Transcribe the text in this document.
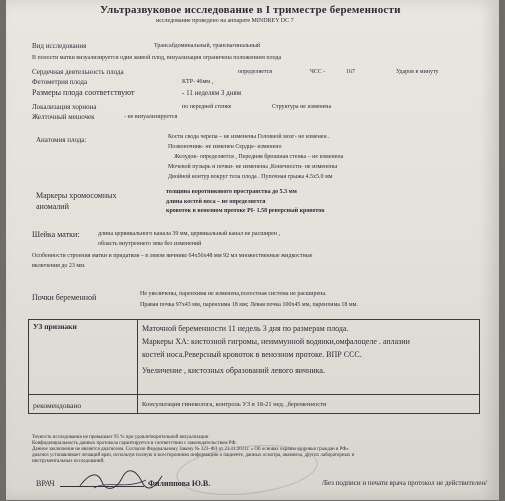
Ультразвуковое исследование в I триместре беременности
исследование проведено на аппарате MINDREY DC 7
Вид исследования	Трансабдоминальный, трансвагинальный
В полости матки визуализируется один живой плод, визуализация ограничена положением плода
Сердечная деятельность плода	определяется	ЧСС -	167	Ударов в минуту
Фетометрия плода	КТР- 46мм ,
Размеры плода соответствуют	- 11 неделям 3 дням
Локализация хориона	по передней стенке	Структура не изменена
Желточный мешочек	- не визуализируется
Анатомия плода:	Кости свода черепа – не изменены Головной мозг- не изменен .
Позвоночник- не изменен Сердце- изменено
Желудок- определяется , Передняя брюшная стенка – не изменена
Мочевой пузырь и почки- не изменены ,Конечности- не изменены
Двойной контур вокруг тела плода . Пупочная грыжа 4.5х5.0 мм
Маркеры хромосомных
аномалий
толщина воротникового пространства до 5.3 мм
длина костей носа – не определяется
кровоток в венозном протоке PI- 1.58 реверсный кровоток
Шейка матки:	длина цервикального канала 39 мм, цервикальный канал не расширен ,
область внутреннего зева без изменений
Особенности строения матки и придатков – в левом яичнике 64х56х48 мм 92 мл множественные жидкостные
включения до 23 мм.
Почки беременной	Не увеличены, паренхима не изменена,полостная система не расширена.
Правая почка 97х43 мм, паренхима 18 мм; Левая почка 100х45 мм, паренхима 18 мм.
УЗ признаки	Маточной беременности 11 недель 3 дня по размерам плода.
Маркеры ХА: кистозной гигромы, неиммунной водянки,омфалоцеле . аплазии
костей носа.Реверсный кровоток в венозном протоке. ВПР ССС.
Увеличение , кистозных образований левого яичника.

рекомендовано	Консультация гинеколога, контроль УЗ в 18-21 нед. ,беременности
Точность исследования не превышает 95 % при удовлетворительной визуализации
Конфиденциальность данных протокола гарантируется в соответствии с законодательством РФ.
Данное заключение не является диагнозом. Согласно Федеральному Закону № 323–ФЗ от 21.11.2011г. « Об основах охраны здоровья граждан в РФ»
диагноз устанавливает лечащий врач, используя полную и всестороннюю информацию о пациенте, данных осмотра, анамнеза, других лабораторных и
инструментальных исследований.
ВРАЧ	Филиппова Ю.В.	/Без подписи и печати врача протокол не действителен/
